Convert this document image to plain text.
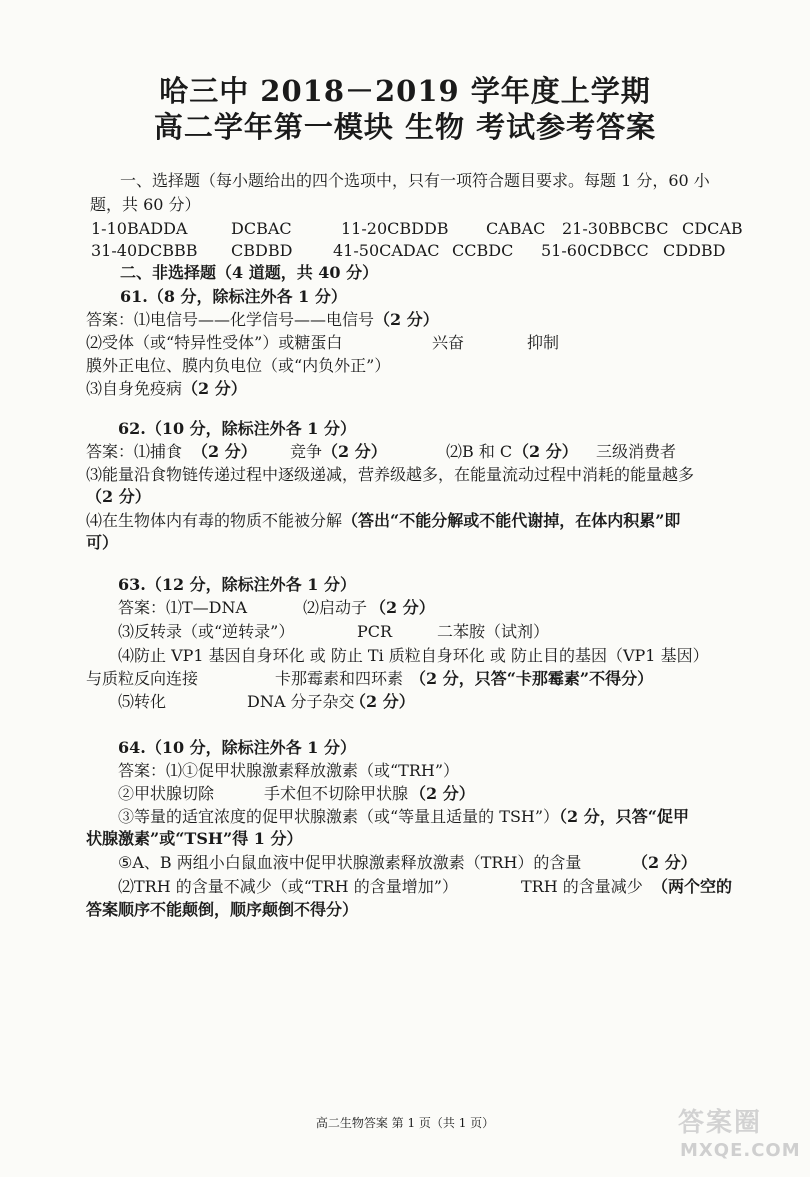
哈三中 2018－2019 学年度上学期
高二学年第一模块 生物 考试参考答案
一、选择题（每小题给出的四个选项中，只有一项符合题目要求。每题 1 分，60 小
题，共 60 分）
1-10BADDA	DCBAC	11-20CBDDB CABAC 21-30BBCBC CDCAB
31-40DCBBB CBDBD	41-50CADAC CCBDC 51-60CDBCC CDDBD
二、非选择题（4 道题，共 40 分）
61.（8 分，除标注外各 1 分）
答案：⑴电信号——化学信号——电信号（2 分）
⑵受体（或“特异性受体”）或糖蛋白	兴奋	抑制
膜外正电位、膜内负电位（或“内负外正”）
⑶自身免疫病（2 分）
62.（10 分，除标注外各 1 分）
答案：⑴捕食 （2 分） 竞争 （2 分）	⑵B 和 C （2 分） 三级消费者
⑶能量沿食物链传递过程中逐级递减，营养级越多，在能量流动过程中消耗的能量越多
（2 分）
⑷在生物体内有毒的物质不能被分解（答出“不能分解或不能代谢掉，在体内积累”即
可）
63.（12 分，除标注外各 1 分）
答案：⑴T—DNA	⑵启动子 （2 分）
⑶反转录（或“逆转录”）	PCR	二苯胺（试剂）
⑷防止 VP1 基因自身环化 或 防止 Ti 质粒自身环化 或 防止目的基因（VP1 基因）
与质粒反向连接	卡那霉素和四环素 （2 分，只答“卡那霉素”不得分）
⑸转化	DNA 分子杂交
（2 分）
64.（10 分，除标注外各 1 分）
答案：⑴①促甲状腺激素释放激素（或“TRH”）
②甲状腺切除	手术但不切除甲状腺 （2 分）
③等量的适宜浓度的促甲状腺激素（或“等量且适量的 TSH”）（2 分，只答“促甲
状腺激素”或“TSH”得 1 分）
⑤A、B 两组小白鼠血液中促甲状腺激素释放激素（TRH）的含量	（2 分）
⑵TRH 的含量不减少（或“TRH 的含量增加”）	TRH 的含量减少 （两个空的
答案顺序不能颠倒，顺序颠倒不得分）
高二生物答案 第 1 页（共 1 页）	答案圈
MXQE.COM
